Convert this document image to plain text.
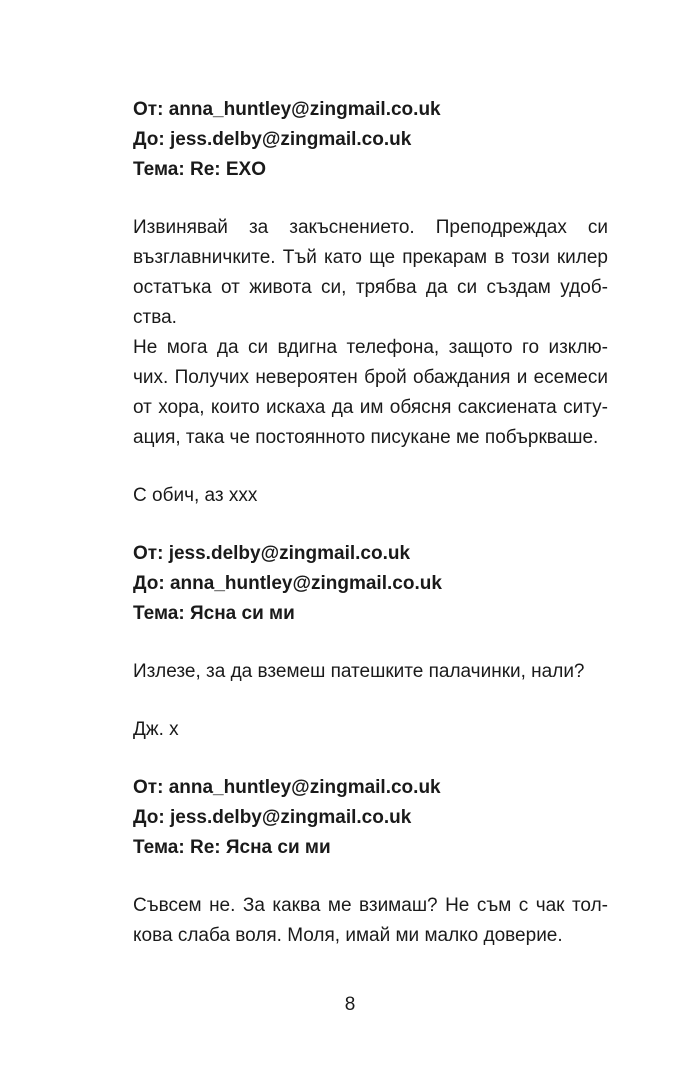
От: anna_huntley@zingmail.co.uk
До: jess.delby@zingmail.co.uk
Тема: Re: EXO
Извинявай за закъснението. Преподреждах си
възглавничките. Тъй като ще прекарам в този килер
остатъка от живота си, трябва да си създам удоб-
ства.
Не мога да си вдигна телефона, защото го изклю-
чих. Получих невероятен брой обаждания и есемеси
от хора, които искаха да им обясня саксиената ситу-
ация, така че постоянното писукане ме побъркваше.
С обич, аз ххх
От: jess.delby@zingmail.co.uk
До: anna_huntley@zingmail.co.uk
Тема: Ясна си ми
Излезе, за да вземеш патешките палачинки, нали?
Дж. х
От: anna_huntley@zingmail.co.uk
До: jess.delby@zingmail.co.uk
Тема: Re: Ясна си ми
Съвсем не. За каква ме взимаш? Не съм с чак тол-
кова слаба воля. Моля, имай ми малко доверие.
8
